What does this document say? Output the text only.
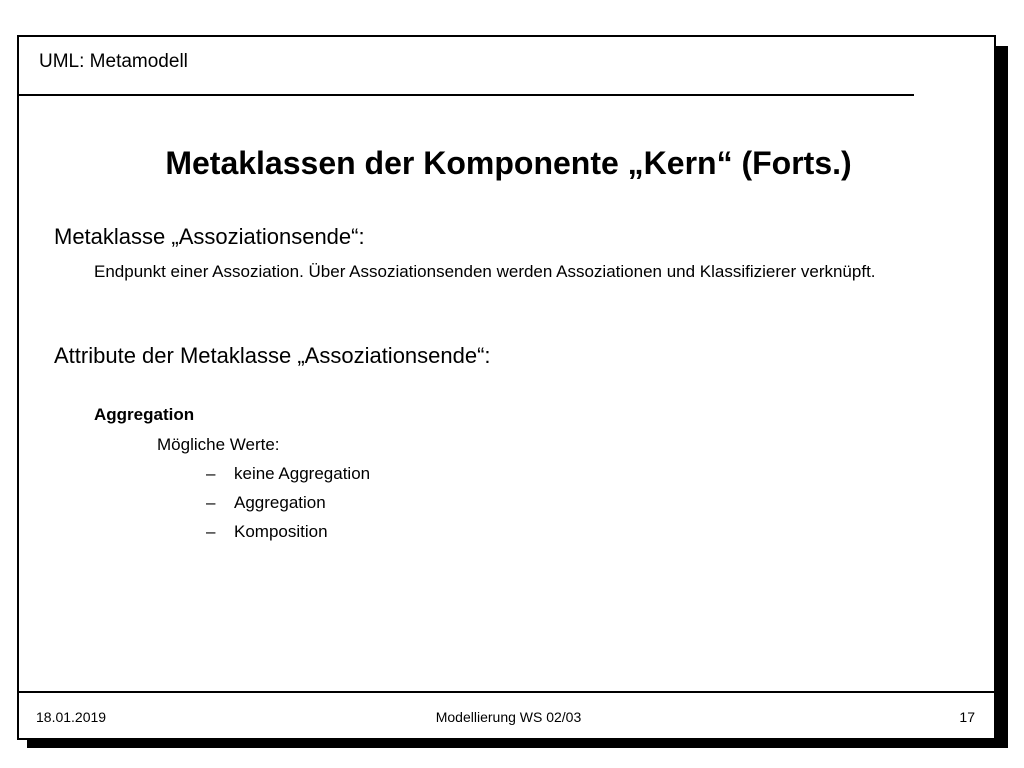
UML: Metamodell
Metaklassen der Komponente „Kern“ (Forts.)
Metaklasse „Assoziationsende“:
Endpunkt einer Assoziation. Über Assoziationsenden werden Assoziationen und Klassifizierer verknüpft.
Attribute der Metaklasse „Assoziationsende“:
Aggregation
Mögliche Werte:
– keine Aggregation
– Aggregation
– Komposition
18.01.2019	Modellierung WS 02/03	17
